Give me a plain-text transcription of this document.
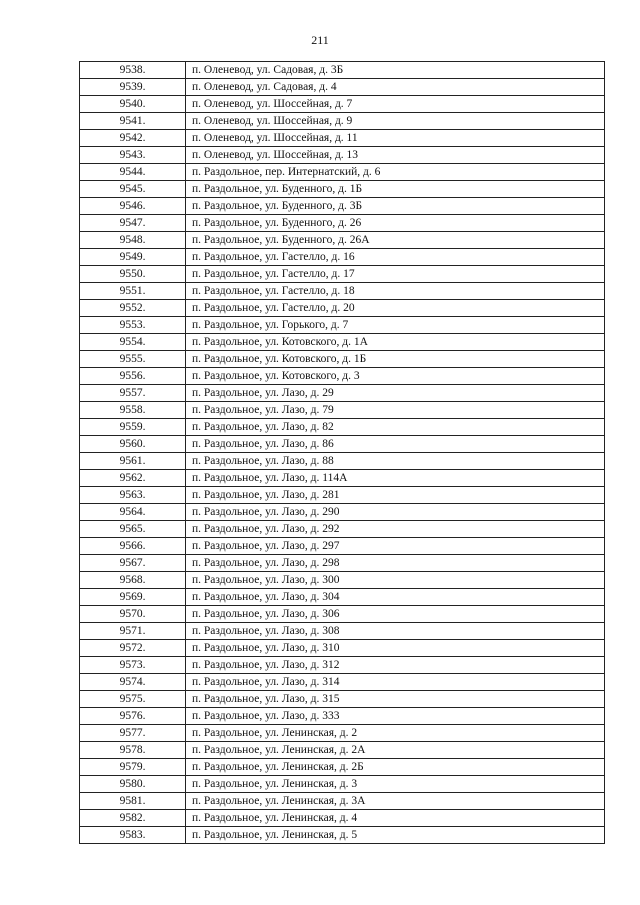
211
9538.	п. Оленевод, ул. Садовая, д. 3Б
9539.	п. Оленевод, ул. Садовая, д. 4
9540.	п. Оленевод, ул. Шоссейная, д. 7
9541.	п. Оленевод, ул. Шоссейная, д. 9
9542.	п. Оленевод, ул. Шоссейная, д. 11
9543.	п. Оленевод, ул. Шоссейная, д. 13
9544.	п. Раздольное, пер. Интернатский, д. 6
9545.	п. Раздольное, ул. Буденного, д. 1Б
9546.	п. Раздольное, ул. Буденного, д. 3Б
9547.	п. Раздольное, ул. Буденного, д. 26
9548.	п. Раздольное, ул. Буденного, д. 26А
9549.	п. Раздольное, ул. Гастелло, д. 16
9550.	п. Раздольное, ул. Гастелло, д. 17
9551.	п. Раздольное, ул. Гастелло, д. 18
9552.	п. Раздольное, ул. Гастелло, д. 20
9553.	п. Раздольное, ул. Горького, д. 7
9554.	п. Раздольное, ул. Котовского, д. 1А
9555.	п. Раздольное, ул. Котовского, д. 1Б
9556.	п. Раздольное, ул. Котовского, д. 3
9557.	п. Раздольное, ул. Лазо, д. 29
9558.	п. Раздольное, ул. Лазо, д. 79
9559.	п. Раздольное, ул. Лазо, д. 82
9560.	п. Раздольное, ул. Лазо, д. 86
9561.	п. Раздольное, ул. Лазо, д. 88
9562.	п. Раздольное, ул. Лазо, д. 114А
9563.	п. Раздольное, ул. Лазо, д. 281
9564.	п. Раздольное, ул. Лазо, д. 290
9565.	п. Раздольное, ул. Лазо, д. 292
9566.	п. Раздольное, ул. Лазо, д. 297
9567.	п. Раздольное, ул. Лазо, д. 298
9568.	п. Раздольное, ул. Лазо, д. 300
9569.	п. Раздольное, ул. Лазо, д. 304
9570.	п. Раздольное, ул. Лазо, д. 306
9571.	п. Раздольное, ул. Лазо, д. 308
9572.	п. Раздольное, ул. Лазо, д. 310
9573.	п. Раздольное, ул. Лазо, д. 312
9574.	п. Раздольное, ул. Лазо, д. 314
9575.	п. Раздольное, ул. Лазо, д. 315
9576.	п. Раздольное, ул. Лазо, д. 333
9577.	п. Раздольное, ул. Ленинская, д. 2
9578.	п. Раздольное, ул. Ленинская, д. 2А
9579.	п. Раздольное, ул. Ленинская, д. 2Б
9580.	п. Раздольное, ул. Ленинская, д. 3
9581.	п. Раздольное, ул. Ленинская, д. 3А
9582.	п. Раздольное, ул. Ленинская, д. 4
9583.	п. Раздольное, ул. Ленинская, д. 5
